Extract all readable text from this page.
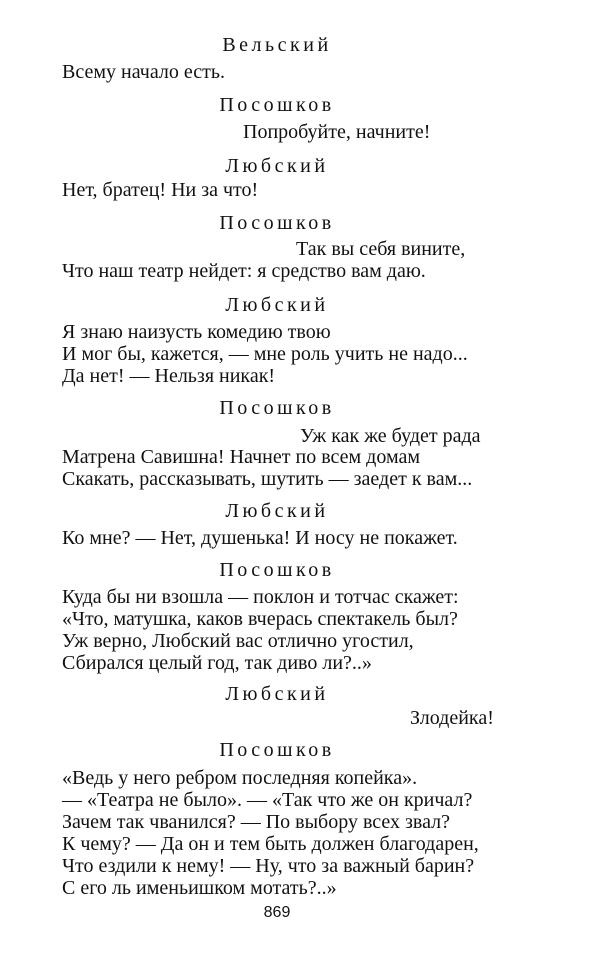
Вельский
Всему начало есть.
Посошков
Попробуйте, начните!
Любский
Нет, братец! Ни за что!
Посошков
Так вы себя вините,
Что наш театр нейдет: я средство вам даю.
Любский
Я знаю наизусть комедию твою
И мог бы, кажется, — мне роль учить не надо...
Да нет! — Нельзя никак!
Посошков
Уж как же будет рада
Матрена Савишна! Начнет по всем домам
Скакать, рассказывать, шутить — заедет к вам...
Любский
Ко мне? — Нет, душенька! И носу не покажет.
Посошков
Куда бы ни взошла — поклон и тотчас скажет:
«Что, матушка, каков вчерась спектакель был?
Уж верно, Любский вас отлично угостил,
Сбирался целый год, так диво ли?..»
Любский
Злодейка!
Посошков
«Ведь у него ребром последняя копейка».
— «Театра не было». — «Так что же он кричал?
Зачем так чванился? — По выбору всех звал?
К чему? — Да он и тем быть должен благодарен,
Что ездили к нему! — Ну, что за важный барин?
С его ль именьишком мотать?..»
869
